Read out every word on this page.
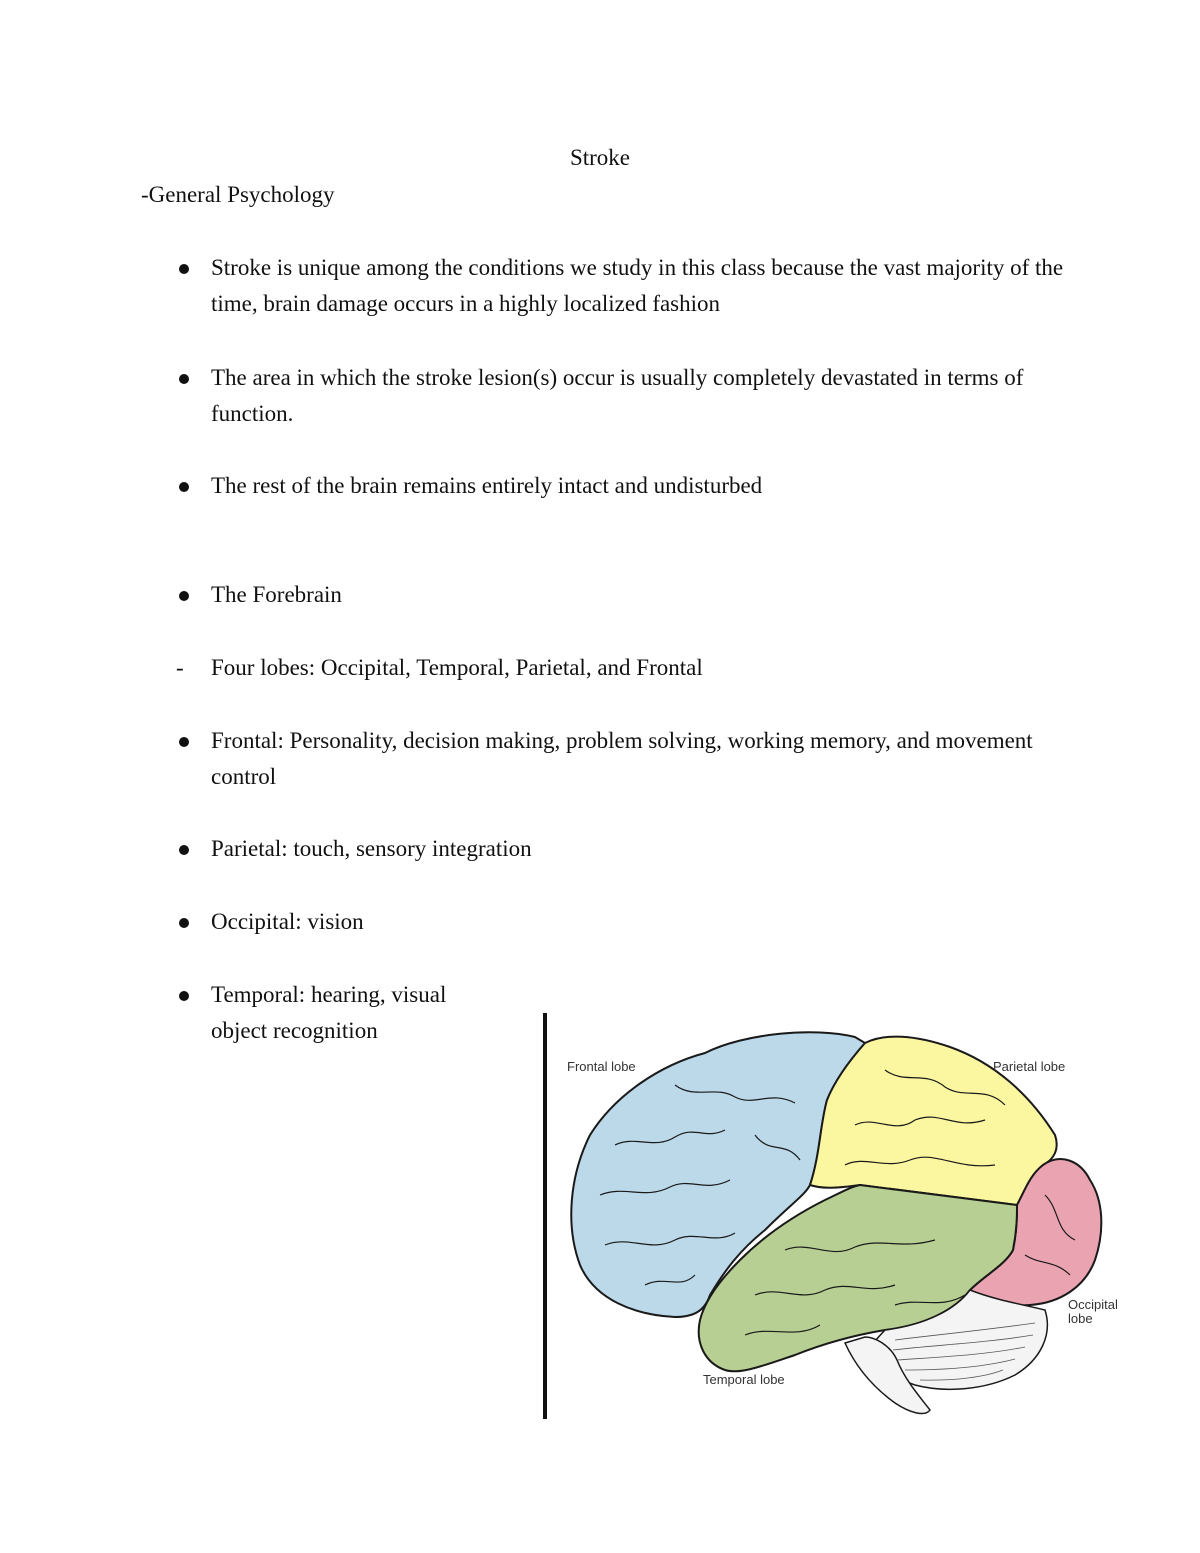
Stroke
-General Psychology
Stroke is unique among the conditions we study in this class because the vast majority of the time, brain damage occurs in a highly localized fashion
The area in which the stroke lesion(s) occur is usually completely devastated in terms of function.
The rest of the brain remains entirely intact and undisturbed
The Forebrain
- Four lobes: Occipital, Temporal, Parietal, and Frontal
Frontal: Personality, decision making, problem solving, working memory, and movement control
Parietal: touch, sensory integration
Occipital: vision
Temporal: hearing, visual object recognition
Frontal lobe	Parietal lobe
Occipital
lobe
Temporal lobe
